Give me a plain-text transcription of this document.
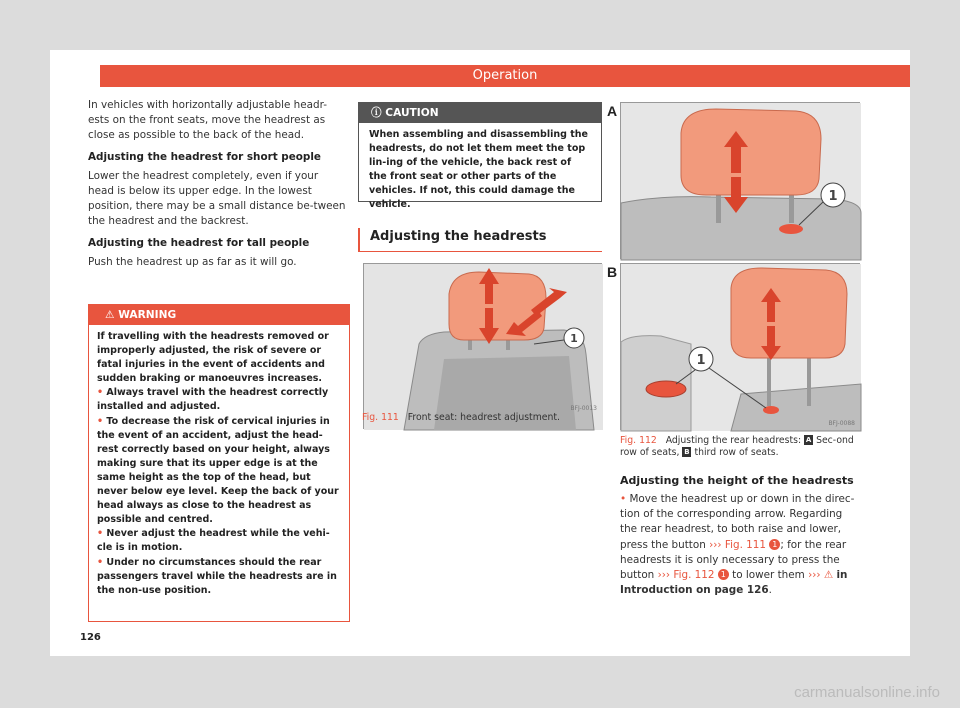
Operation

In vehicles with horizontally adjustable headr-ests on the front seats, move the headrest as close as possible to the back of the head.

Adjusting the headrest for short people

Lower the headrest completely, even if your head is below its upper edge. In the lowest position, there may be a small distance be-tween the headrest and the backrest.

Adjusting the headrest for tall people

Push the headrest up as far as it will go.

⚠ WARNING

If travelling with the headrests removed or improperly adjusted, the risk of severe or fatal injuries in the event of accidents and sudden braking or manoeuvres increases.

• Always travel with the headrest correctly installed and adjusted.

• To decrease the risk of cervical injuries in the event of an accident, adjust the head-rest correctly based on your height, always making sure that its upper edge is at the same height as the top of the head, but never below eye level. Keep the back of your head always as close to the headrest as possible and centred.

• Never adjust the headrest while the vehi-cle is in motion.

• Under no circumstances should the rear passengers travel while the headrests are in the non-use position.

ⓘ CAUTION
When assembling and disassembling the headrests, do not let them meet the top lin-ing of the vehicle, the back rest of the front seat or other parts of the vehicles. If not, this could damage the vehicle.
Adjusting the headrests
1
BFJ-0013
Fig. 111 Front seat: headrest adjustment.
1
A
1
B
BFJ-0088
Fig. 112 Adjusting the rear headrests: A Sec-ond row of seats, B third row of seats.
Adjusting the height of the headrests
• Move the headrest up or down in the direc-tion of the corresponding arrow. Regarding the rear headrest, to both raise and lower, press the button ››› Fig. 111 1 ; for the rear headrests it is only necessary to press the button ››› Fig. 112 1 to lower them ››› ⚠ in Introduction on page 126.
126
carmanualsonline.info
